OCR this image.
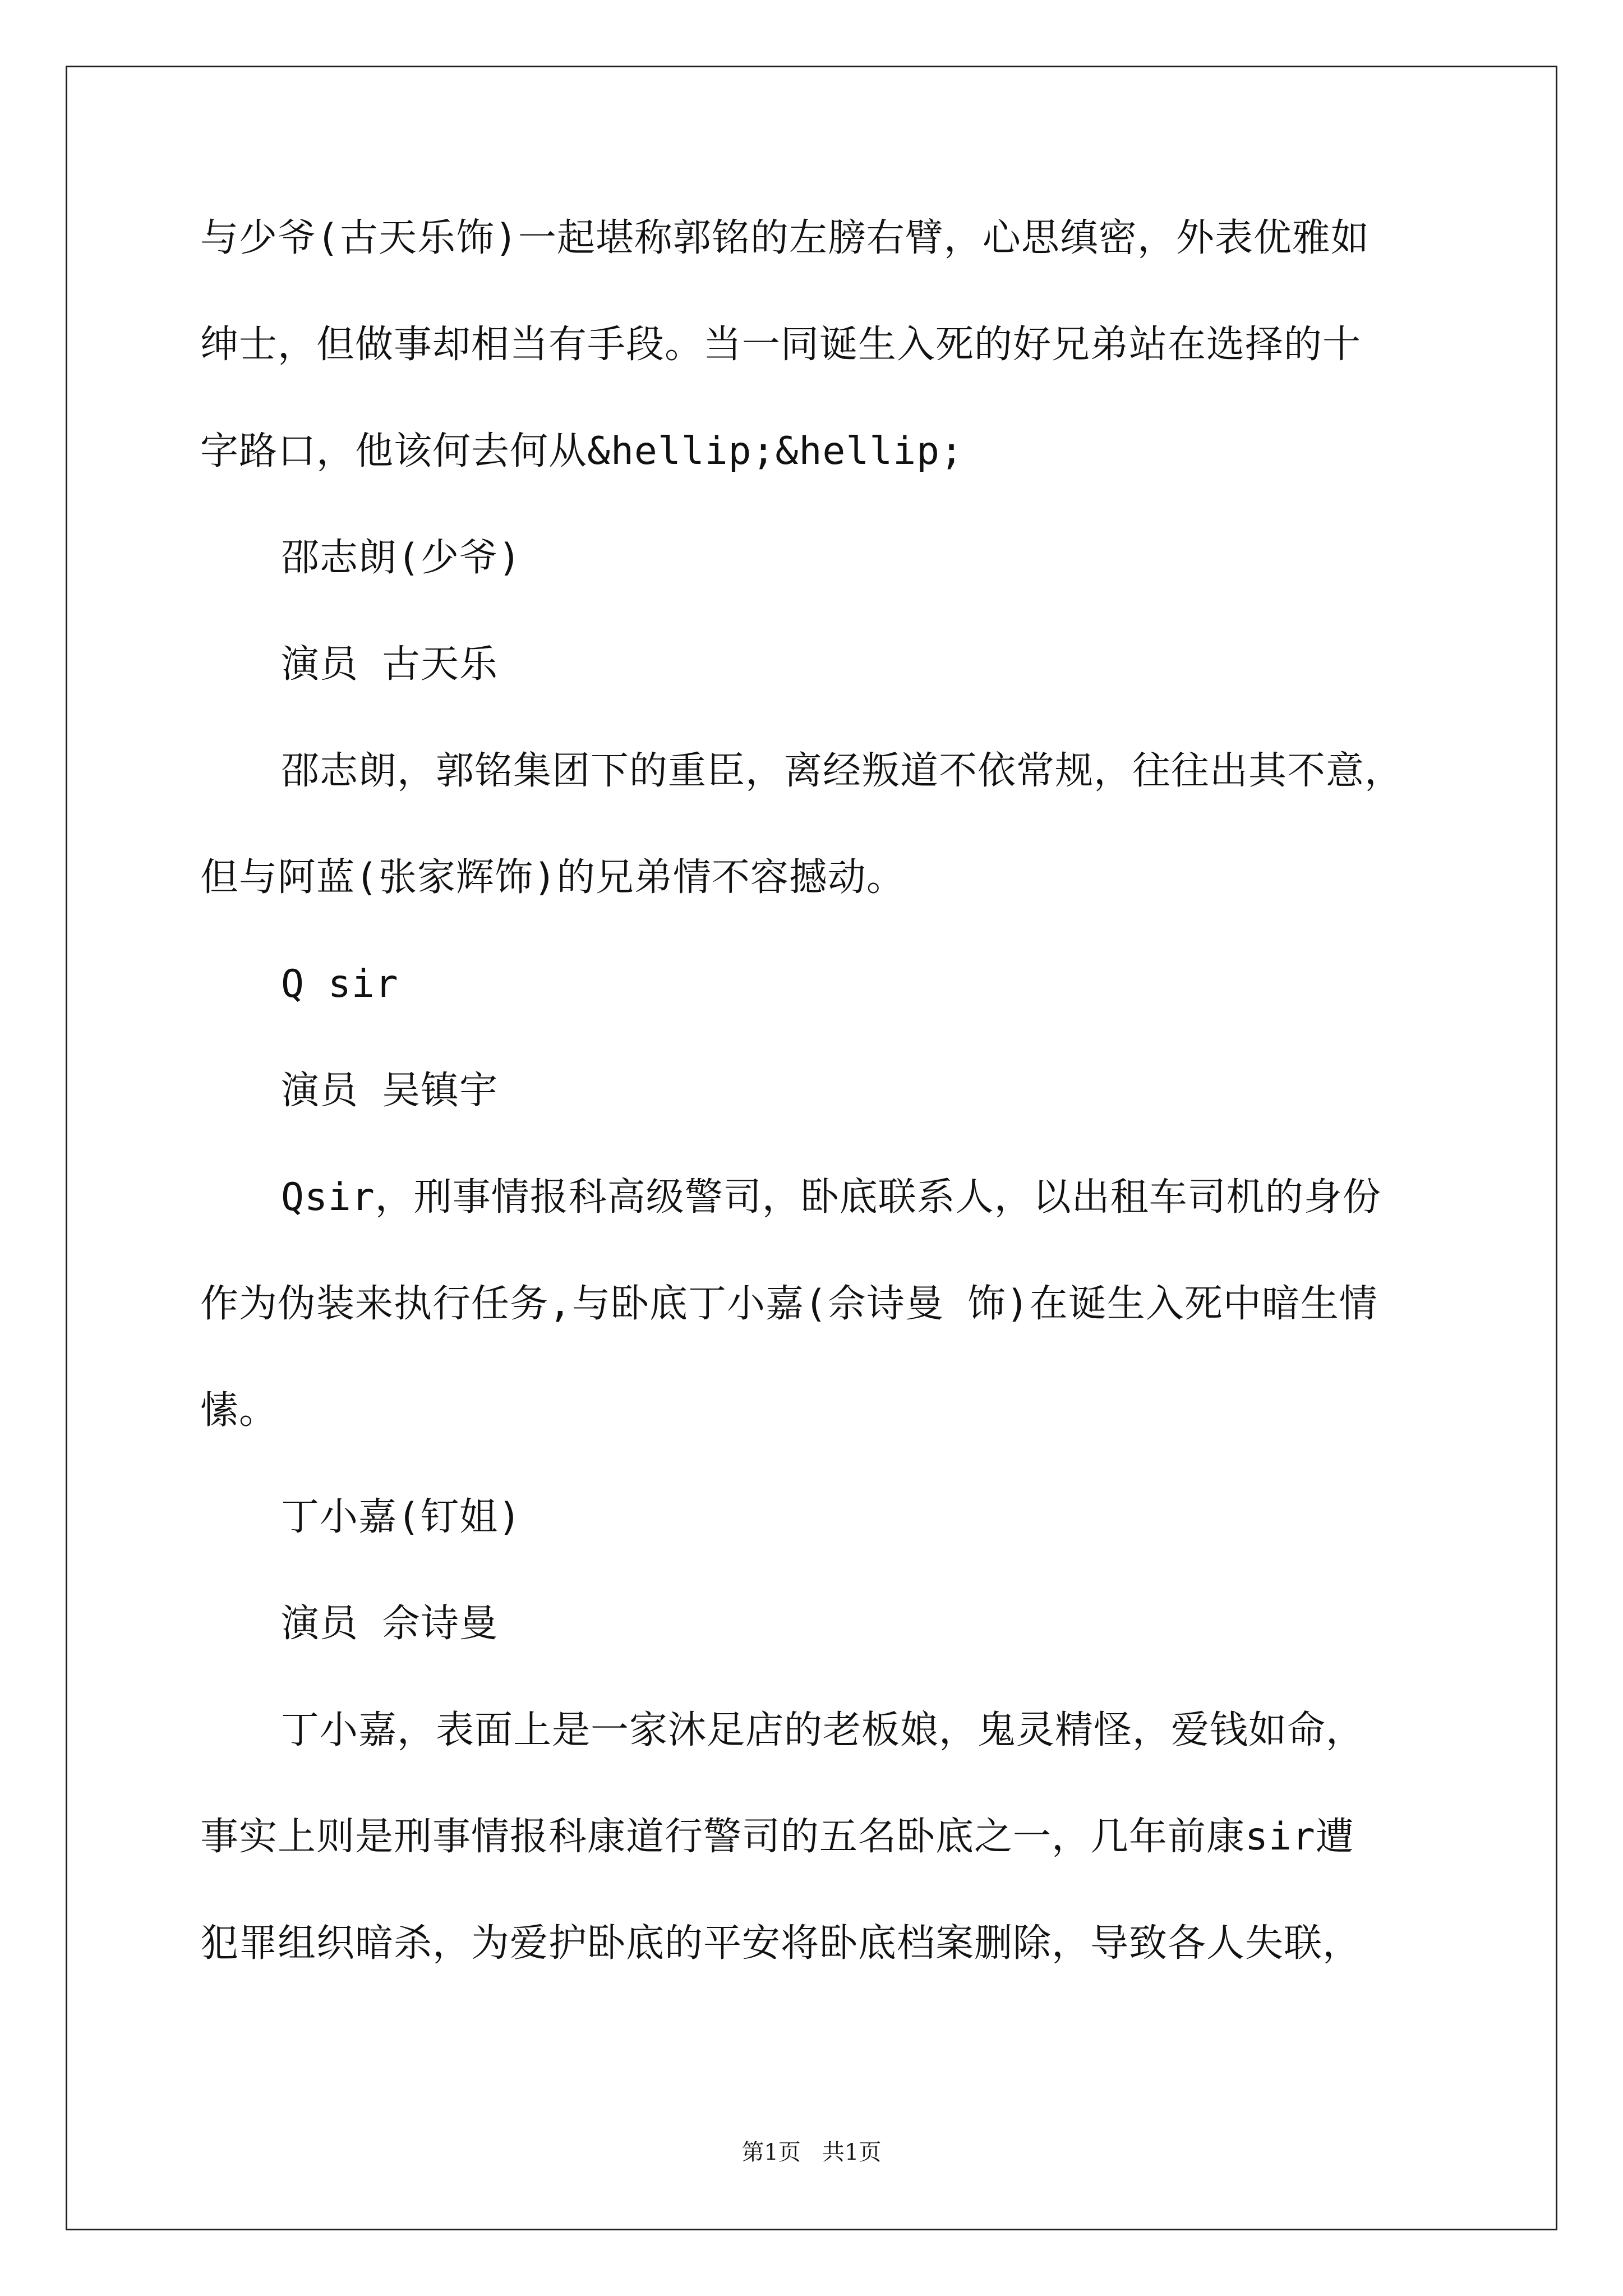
与少爷(古天乐饰)一起堪称郭铭的左膀右臂，心思缜密，外表优雅如
绅士，但做事却相当有手段。当一同诞生入死的好兄弟站在选择的十
字路口，他该何去何从&hellip;&hellip;
邵志朗(少爷)
演员 古天乐
邵志朗，郭铭集团下的重臣，离经叛道不依常规，往往出其不意，
但与阿蓝(张家辉饰)的兄弟情不容撼动。
Q sir
演员 吴镇宇
Qsir，刑事情报科高级警司，卧底联系人，以出租车司机的身份
作为伪装来执行任务,与卧底丁小嘉(佘诗曼 饰)在诞生入死中暗生情
愫。
丁小嘉(钉姐)
演员 佘诗曼
丁小嘉，表面上是一家沐足店的老板娘，鬼灵精怪，爱钱如命，
事实上则是刑事情报科康道行警司的五名卧底之一，几年前康sir遭
犯罪组织暗杀，为爱护卧底的平安将卧底档案删除，导致各人失联，
第1页   共1页
